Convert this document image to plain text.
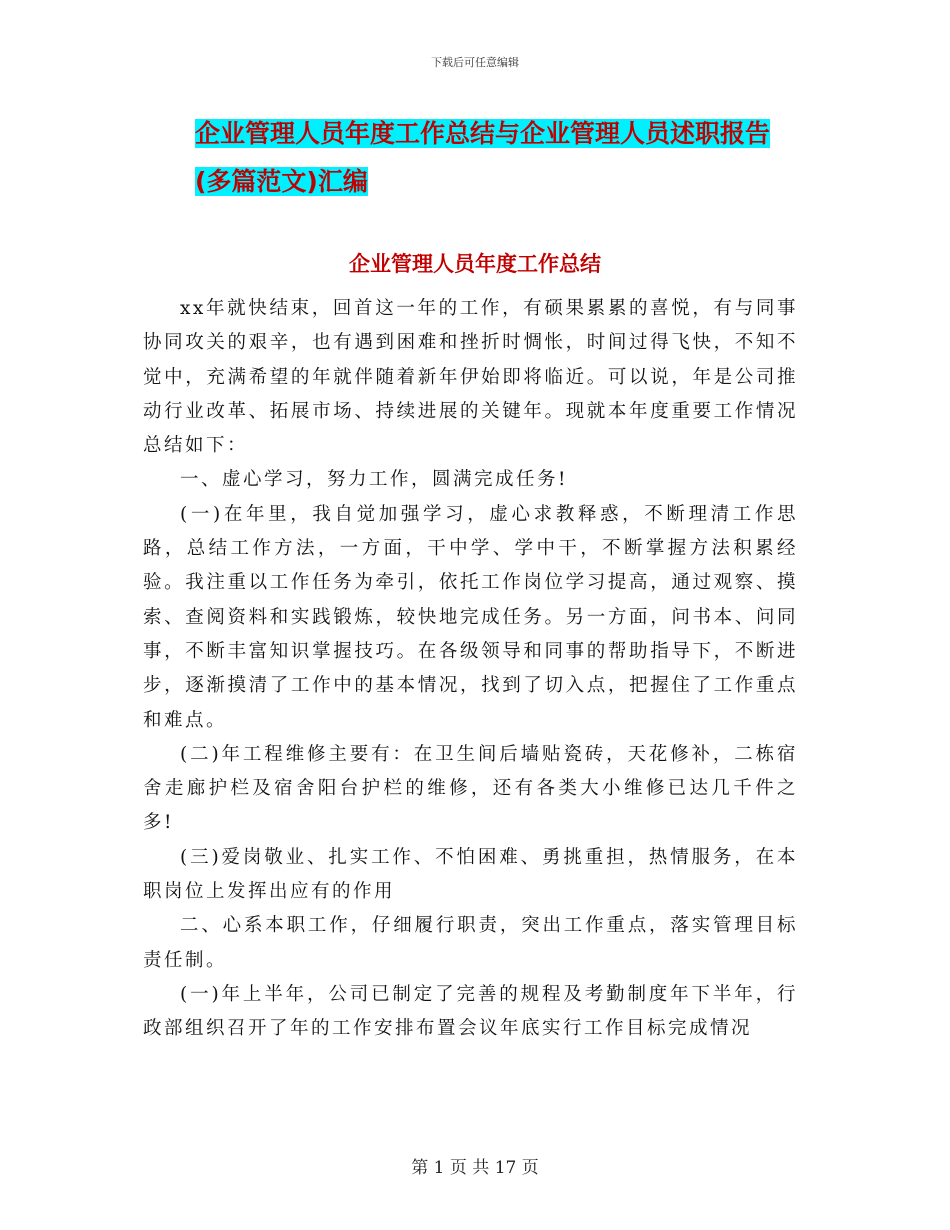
下载后可任意编辑
企业管理人员年度工作总结与企业管理人员述职报告
(多篇范文)汇编
企业管理人员年度工作总结

xx年就快结束，回首这一年的工作，有硕果累累的喜悦，有与同事协同攻关的艰辛，也有遇到困难和挫折时惆怅，时间过得飞快，不知不觉中，充满希望的年就伴随着新年伊始即将临近。可以说，年是公司推动行业改革、拓展市场、持续进展的关键年。现就本年度重要工作情况总结如下：

一、虚心学习，努力工作，圆满完成任务!

(一)在年里，我自觉加强学习，虚心求教释惑，不断理清工作思路，总结工作方法，一方面，干中学、学中干，不断掌握方法积累经验。我注重以工作任务为牵引，依托工作岗位学习提高，通过观察、摸索、查阅资料和实践锻炼，较快地完成任务。另一方面，问书本、问同事，不断丰富知识掌握技巧。在各级领导和同事的帮助指导下，不断进步，逐渐摸清了工作中的基本情况，找到了切入点，把握住了工作重点和难点。

(二)年工程维修主要有：在卫生间后墙贴瓷砖，天花修补，二栋宿舍走廊护栏及宿舍阳台护栏的维修，还有各类大小维修已达几千件之多!

(三)爱岗敬业、扎实工作、不怕困难、勇挑重担，热情服务，在本职岗位上发挥出应有的作用

二、心系本职工作，仔细履行职责，突出工作重点，落实管理目标责任制。

(一)年上半年，公司已制定了完善的规程及考勤制度年下半年，行政部组织召开了年的工作安排布置会议年底实行工作目标完成情况

第 1 页 共 17 页
